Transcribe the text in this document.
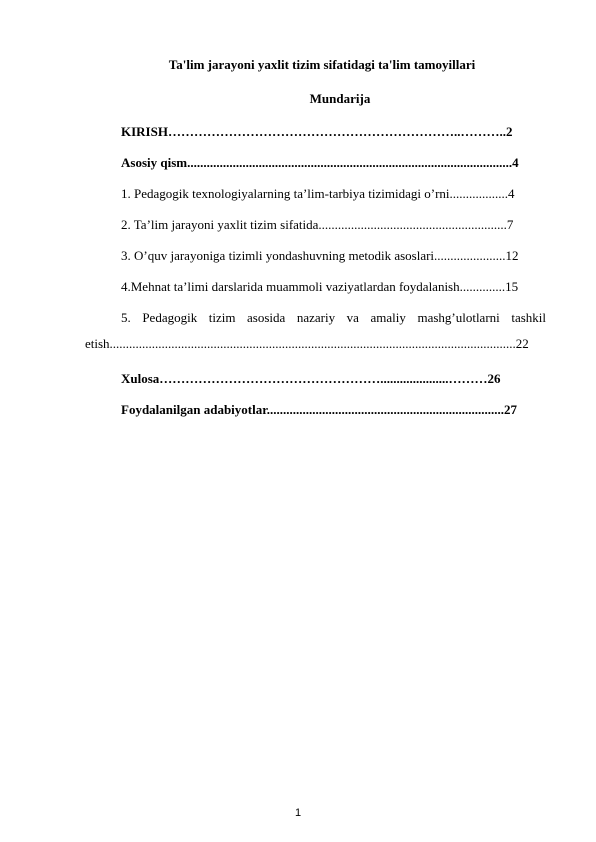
Ta'lim jarayoni yaxlit tizim sifatidagi ta'lim tamoyillari
Mundarija
KIRISH…………………………………………………………..………..2
Asosiy qism....................................................................................................4
1. Pedagogik texnologiyalarning ta’lim-tarbiya tizimidagi o’rni..................4
2. Ta’lim jarayoni yaxlit tizim sifatida..........................................................7
3. O’quv jarayoniga tizimli yondashuvning metodik asoslari......................12
4.Mehnat ta’limi darslarida muammoli vaziyatlardan foydalanish..............15
5. Pedagogik tizim asosida nazariy va amaliy mashg’ulotlarni tashkil
etish.............................................................................................................................22
Xulosa…………………………………………….....................………26
Foydalanilgan adabiyotlar.........................................................................27
1
